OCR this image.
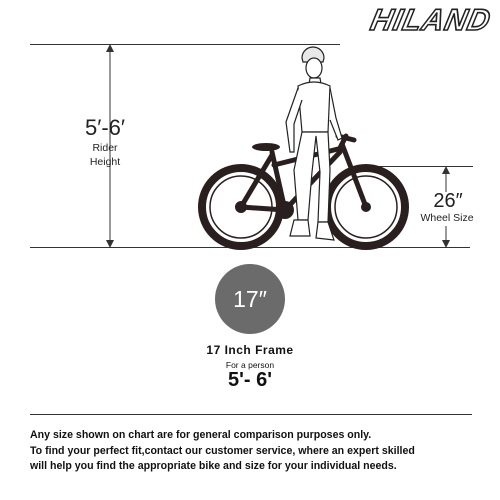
HILAND
5′-6′
Rider
Height
26″
Wheel Size
17″
17 Inch Frame
For a person
5'- 6'
Any size shown on chart are for general comparison purposes only.
To find your perfect fit,contact our customer service, where an expert skilled
will help you find the appropriate bike and size for your individual needs.
